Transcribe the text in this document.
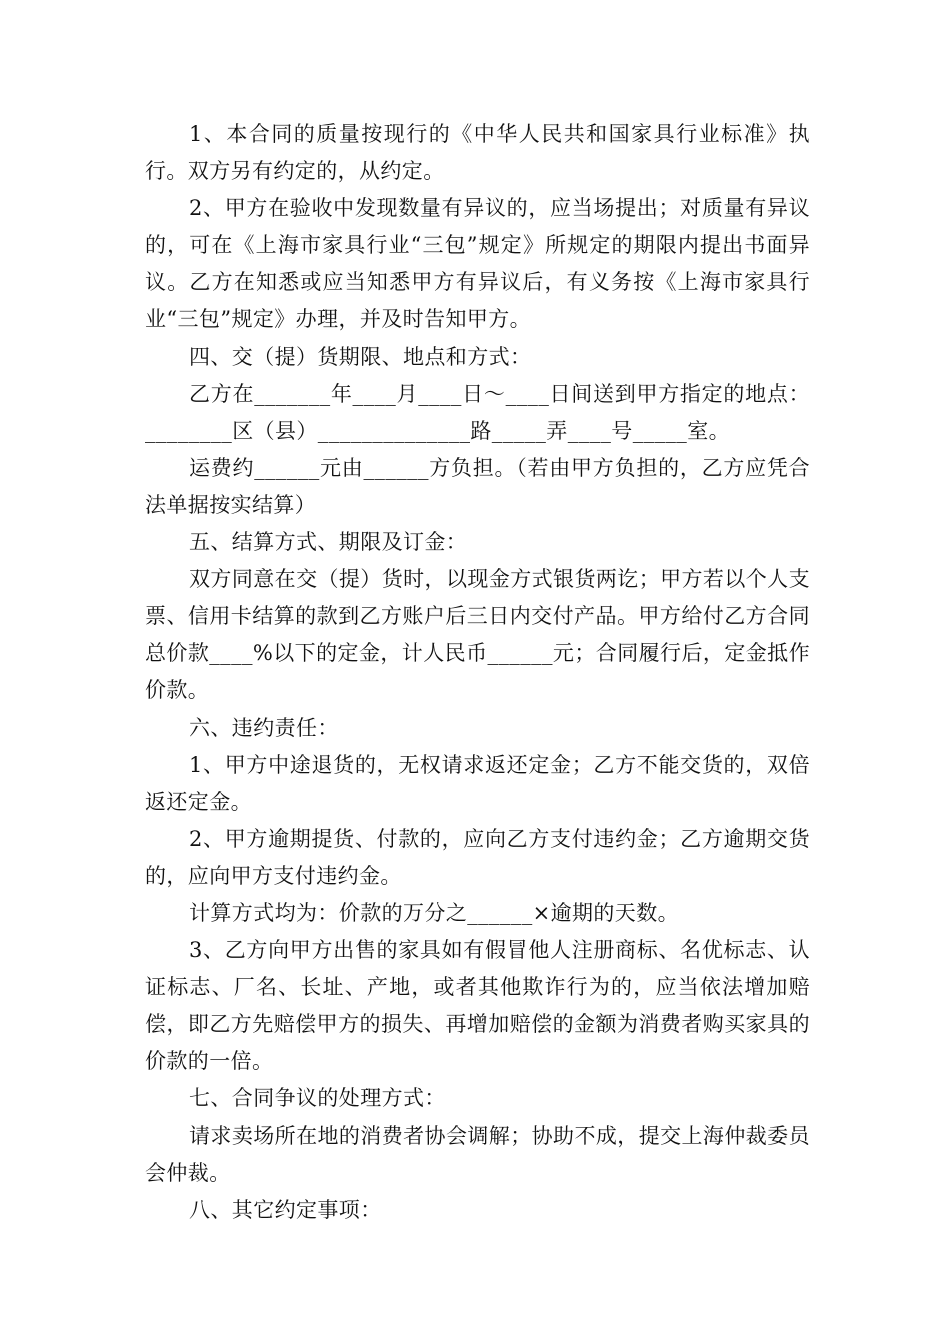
1、本合同的质量按现行的《中华人民共和国家具行业标准》执行。双方另有约定的，从约定。

2、甲方在验收中发现数量有异议的，应当场提出；对质量有异议的，可在《上海市家具行业“三包”规定》所规定的期限内提出书面异议。乙方在知悉或应当知悉甲方有异议后，有义务按《上海市家具行业“三包”规定》办理，并及时告知甲方。

四、交（提）货期限、地点和方式：

乙方在_______年____月____日～____日间送到甲方指定的地点：________区（县）______________路_____弄____号_____室。

运费约______元由______方负担。（若由甲方负担的，乙方应凭合法单据按实结算）

五、结算方式、期限及订金：

双方同意在交（提）货时，以现金方式银货两讫；甲方若以个人支票、信用卡结算的款到乙方账户后三日内交付产品。甲方给付乙方合同总价款____%以下的定金，计人民币______元；合同履行后，定金抵作价款。

六、违约责任：

1、甲方中途退货的，无权请求返还定金；乙方不能交货的，双倍返还定金。

2、甲方逾期提货、付款的，应向乙方支付违约金；乙方逾期交货的，应向甲方支付违约金。

计算方式均为：价款的万分之______×逾期的天数。

3、乙方向甲方出售的家具如有假冒他人注册商标、名优标志、认证标志、厂名、长址、产地，或者其他欺诈行为的，应当依法增加赔偿，即乙方先赔偿甲方的损失、再增加赔偿的金额为消费者购买家具的价款的一倍。

七、合同争议的处理方式：

请求卖场所在地的消费者协会调解；协助不成，提交上海仲裁委员会仲裁。

八、其它约定事项：
